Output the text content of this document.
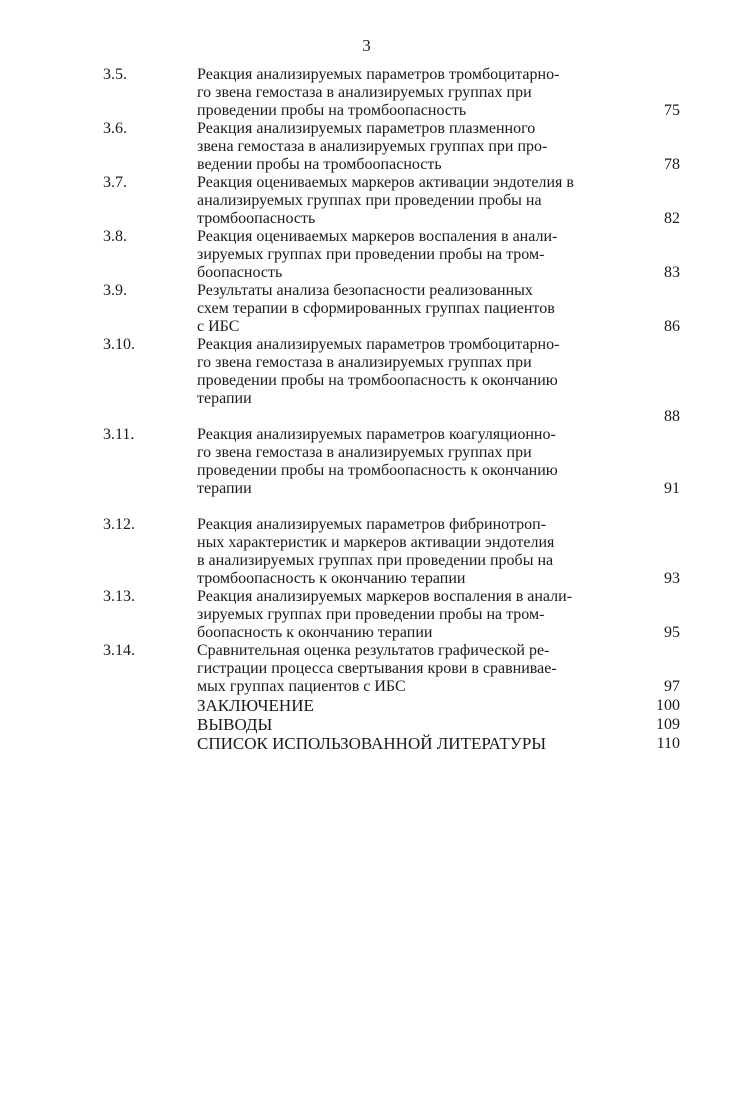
3
3.5.	Реакция анализируемых параметров тромбоцитарно-
го звена гемостаза в анализируемых группах при
проведении пробы на тромбоопасность	75
3.6.	Реакция анализируемых параметров плазменного
звена гемостаза в анализируемых группах при про-
ведении пробы на тромбоопасность	78
3.7.	Реакция оцениваемых маркеров активации эндотелия в
анализируемых группах при проведении пробы на
тромбоопасность	82
3.8.	Реакция оцениваемых маркеров воспаления в анали-
зируемых группах при проведении пробы на тром-
боопасность	83
3.9.	Результаты анализа безопасности реализованных
схем терапии в сформированных группах пациентов
с ИБС	86
3.10.	Реакция анализируемых параметров тромбоцитарно-
го звена гемостаза в анализируемых группах при
проведении пробы на тромбоопасность к окончанию
терапии
88
3.11.	Реакция анализируемых параметров коагуляционно-
го звена гемостаза в анализируемых группах при
проведении пробы на тромбоопасность к окончанию
терапии	91
3.12.	Реакция анализируемых параметров фибринотроп-
ных характеристик и маркеров активации эндотелия
в анализируемых группах при проведении пробы на
тромбоопасность к окончанию терапии	93
3.13.	Реакция анализируемых маркеров воспаления в анали-
зируемых группах при проведении пробы на тром-
боопасность к окончанию терапии	95
3.14.	Сравнительная оценка результатов графической ре-
гистрации процесса свертывания крови в сравнивае-
мых группах пациентов с ИБС	97
ЗАКЛЮЧЕНИЕ	100
ВЫВОДЫ	109
СПИСОК ИСПОЛЬЗОВАННОЙ ЛИТЕРАТУРЫ	110
